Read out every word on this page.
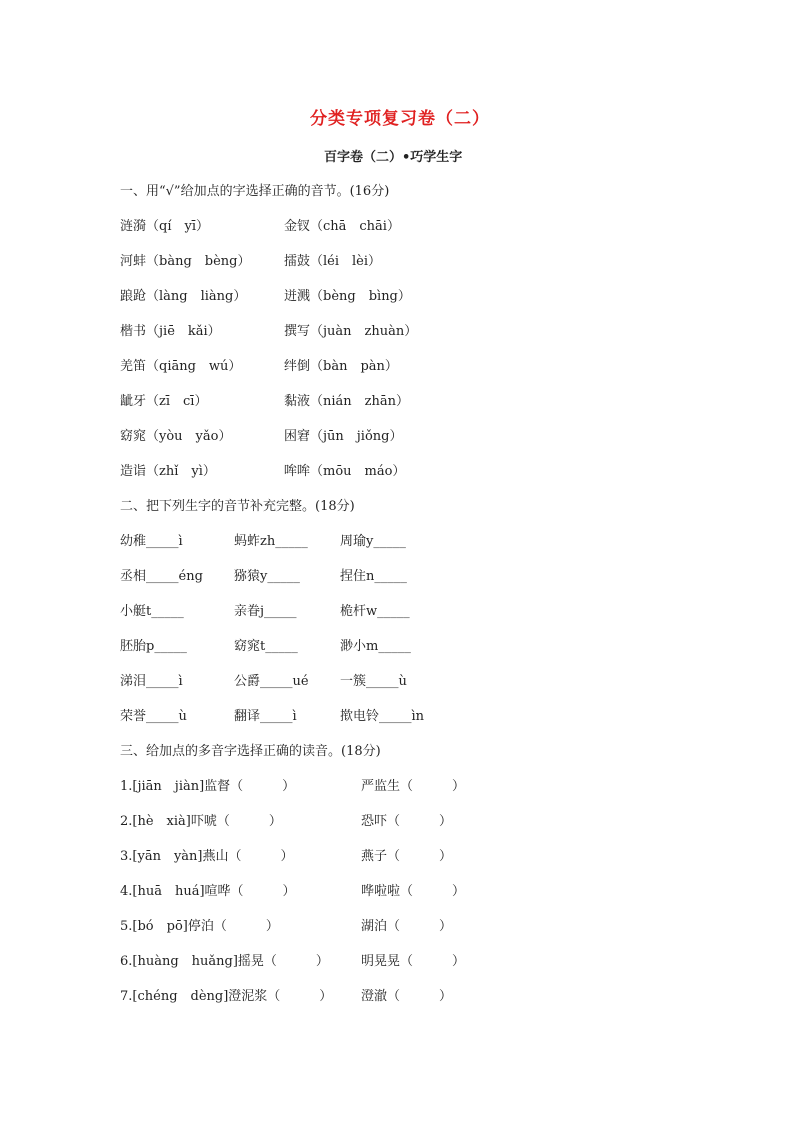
分类专项复习卷（二）
百字卷（二）•巧学生字
一、用“√”给加点的字选择正确的音节。(16分)
涟漪（qí　yī）	金钗（chā　chāi）
河蚌（bàng　bèng）	擂鼓（léi　lèi）
踉跄（làng　liàng）	迸溅（bèng　bìng）
楷书（jiē　kǎi）	撰写（juàn　zhuàn）
羌笛（qiāng　wú）	绊倒（bàn　pàn）
龇牙（zī　cī）	黏液（nián　zhān）
窈窕（yòu　yǎo）	困窘（jūn　jiǒng）
造诣（zhǐ　yì）	哞哞（mōu　máo）
二、把下列生字的音节补充完整。(18分)
幼稚_____ì	蚂蚱zh_____ 周瑜y_____
丞相_____éng 猕猿y_____	捏住n_____
小艇t_____	亲眷j_____	桅杆w_____
胚胎p_____	窈窕t_____	渺小m_____
涕泪_____ì	公爵_____ué 一簇_____ù
荣誉_____ù	翻译_____ì	揿电铃_____ìn
三、给加点的多音字选择正确的读音。(18分)
1.[jiān　jiàn]监督（　　　）	严监生（　　　）
2.[hè　xià]吓唬（　　　）	恐吓（　　　）
3.[yān　yàn]燕山（　　　）	燕子（　　　）
4.[huā　huá]喧哗（　　　）	哗啦啦（　　　）
5.[bó　pō]停泊（　　　）	湖泊（　　　）
6.[huàng　huǎng]摇晃（　　　） 明晃晃（　　　）
7.[chéng　dèng]澄泥浆（　　　） 澄澈（　　　）
